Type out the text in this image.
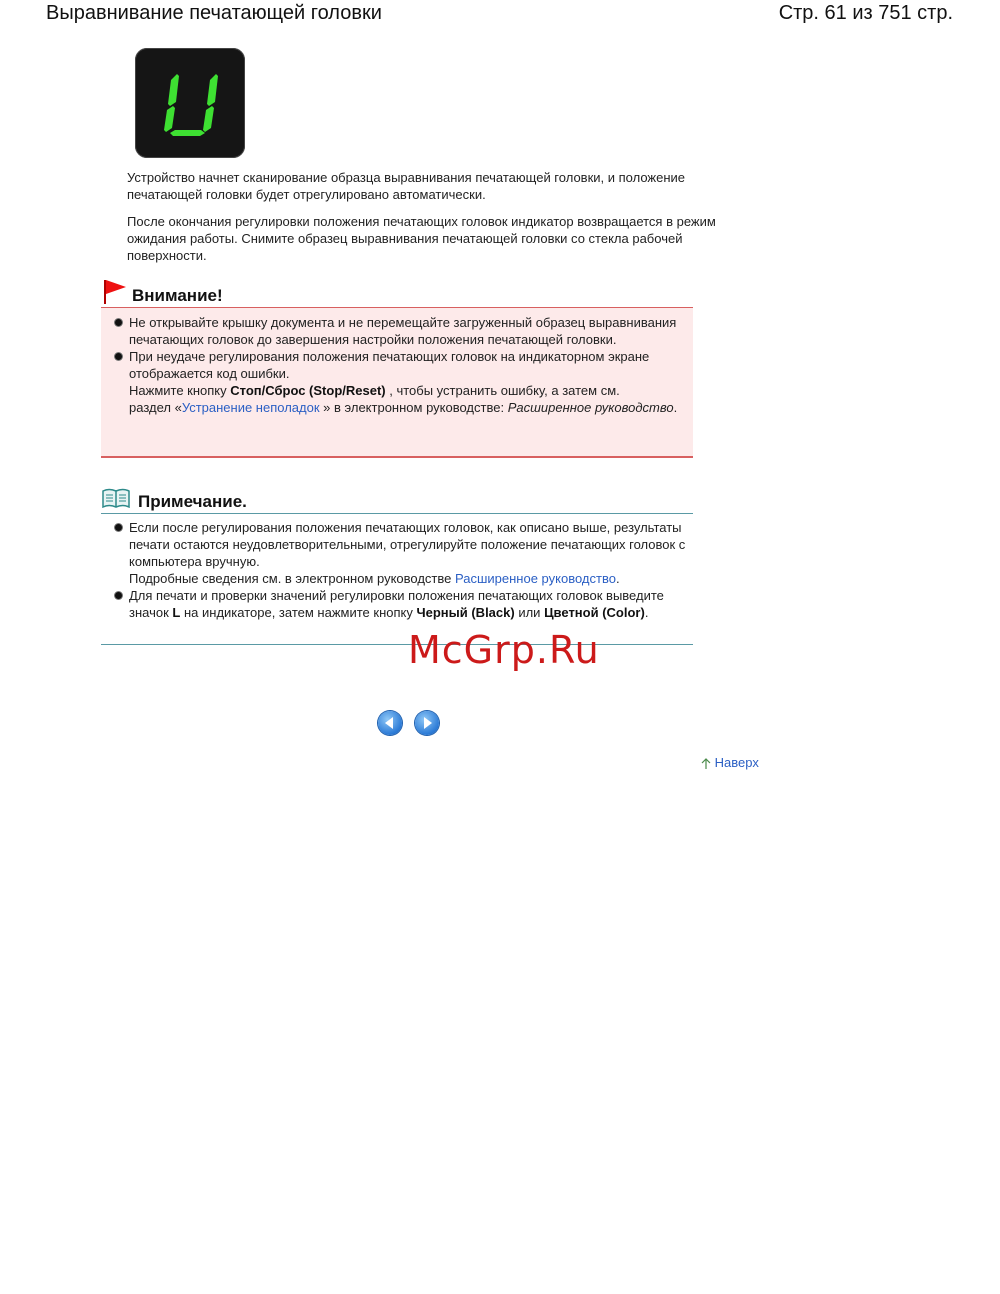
Выравнивание печатающей головки	Стр. 61 из 751 стр.

Устройство начнет сканирование образца выравнивания печатающей головки, и положение печатающей головки будет отрегулировано автоматически.

После окончания регулировки положения печатающих головок индикатор возвращается в режим ожидания работы. Снимите образец выравнивания печатающей головки со стекла рабочей поверхности.

Внимание!
Не открывайте крышку документа и не перемещайте загруженный образец выравнивания печатающих головок до завершения настройки положения печатающей головки.
При неудаче регулирования положения печатающих головок на индикаторном экране отображается код ошибки.
Нажмите кнопку Стоп/Сброс (Stop/Reset) , чтобы устранить ошибку, а затем см.
раздел «Устранение неполадок » в электронном руководстве: Расширенное руководство.
Примечание.
Если после регулирования положения печатающих головок, как описано выше, результаты печати остаются неудовлетворительными, отрегулируйте положение печатающих головок с компьютера вручную.
Подробные сведения см. в электронном руководстве Расширенное руководство.
Для печати и проверки значений регулировки положения печатающих головок выведите значок L на индикаторе, затем нажмите кнопку Черный (Black) или Цветной (Color).
McGrp.Ru
Наверх
